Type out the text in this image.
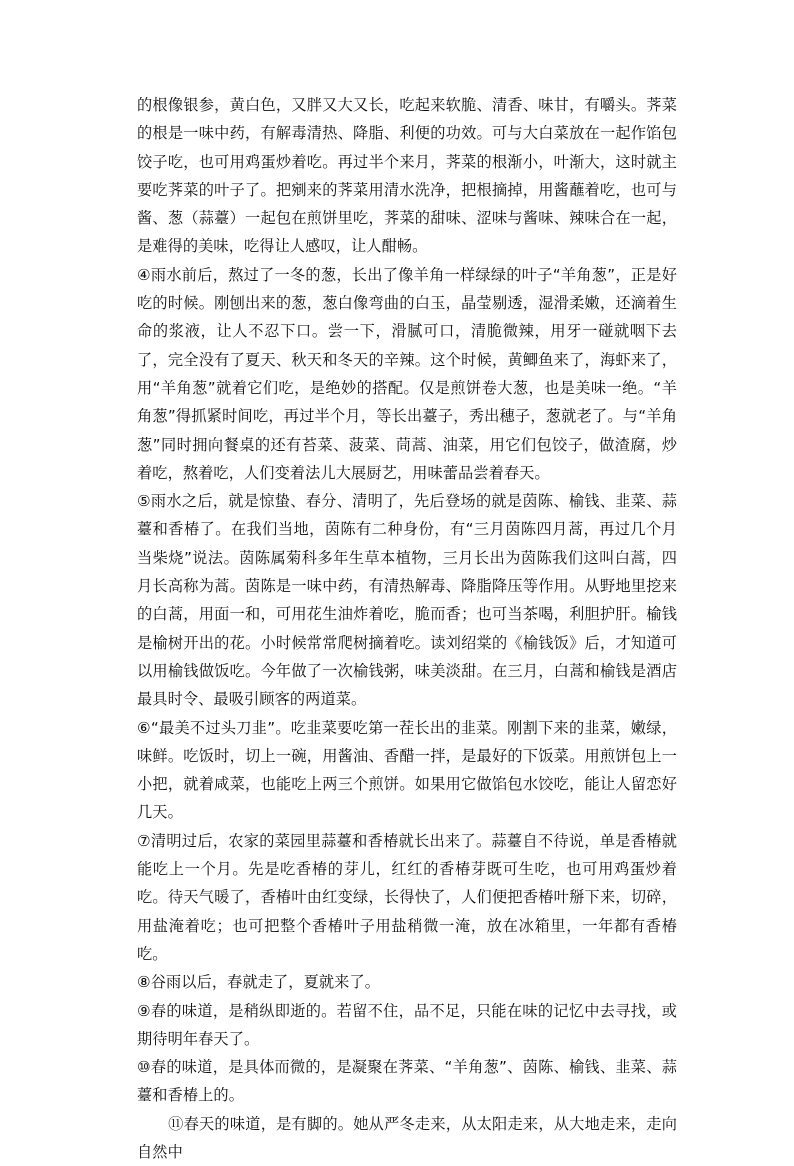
的根像银参，黄白色，又胖又大又长，吃起来软脆、清香、味甘，有嚼头。荠菜的根是一味中药，有解毒清热、降脂、利便的功效。可与大白菜放在一起作馅包饺子吃，也可用鸡蛋炒着吃。再过半个来月，荠菜的根渐小，叶渐大，这时就主要吃荠菜的叶子了。把剜来的荠菜用清水洗净，把根摘掉，用酱蘸着吃，也可与酱、葱（蒜薹）一起包在煎饼里吃，荠菜的甜味、涩味与酱味、辣味合在一起，是难得的美味，吃得让人感叹，让人酣畅。

④雨水前后，熬过了一冬的葱，长出了像羊角一样绿绿的叶子“羊角葱”，正是好吃的时候。刚刨出来的葱，葱白像弯曲的白玉，晶莹剔透，湿滑柔嫩，还滴着生命的浆液，让人不忍下口。尝一下，滑腻可口，清脆微辣，用牙一碰就咽下去了，完全没有了夏天、秋天和冬天的辛辣。这个时候，黄鲫鱼来了，海虾来了，用“羊角葱”就着它们吃，是绝妙的搭配。仅是煎饼卷大葱，也是美味一绝。“羊角葱”得抓紧时间吃，再过半个月，等长出薹子，秀出穗子，葱就老了。与“羊角葱”同时拥向餐桌的还有苔菜、菠菜、茼蒿、油菜，用它们包饺子，做渣腐，炒着吃，熬着吃，人们变着法儿大展厨艺，用味蕾品尝着春天。

⑤雨水之后，就是惊蛰、春分、清明了，先后登场的就是茵陈、榆钱、韭菜、蒜薹和香椿了。在我们当地，茵陈有二种身份，有“三月茵陈四月蒿，再过几个月当柴烧”说法。茵陈属菊科多年生草本植物，三月长出为茵陈我们这叫白蒿，四月长高称为蒿。茵陈是一味中药，有清热解毒、降脂降压等作用。从野地里挖来的白蒿，用面一和，可用花生油炸着吃，脆而香；也可当茶喝，利胆护肝。榆钱是榆树开出的花。小时候常常爬树摘着吃。读刘绍棠的《榆钱饭》后，才知道可以用榆钱做饭吃。今年做了一次榆钱粥，味美淡甜。在三月，白蒿和榆钱是酒店最具时令、最吸引顾客的两道菜。

⑥“最美不过头刀韭”。吃韭菜要吃第一茬长出的韭菜。刚割下来的韭菜，嫩绿，味鲜。吃饭时，切上一碗，用酱油、香醋一拌，是最好的下饭菜。用煎饼包上一小把，就着咸菜，也能吃上两三个煎饼。如果用它做馅包水饺吃，能让人留恋好几天。

⑦清明过后，农家的菜园里蒜薹和香椿就长出来了。蒜薹自不待说，单是香椿就能吃上一个月。先是吃香椿的芽儿，红红的香椿芽既可生吃，也可用鸡蛋炒着吃。待天气暖了，香椿叶由红变绿，长得快了，人们便把香椿叶掰下来，切碎，用盐淹着吃；也可把整个香椿叶子用盐稍微一淹，放在冰箱里，一年都有香椿吃。

⑧谷雨以后，春就走了，夏就来了。

⑨春的味道，是稍纵即逝的。若留不住，品不足，只能在味的记忆中去寻找，或期待明年春天了。

⑩春的味道，是具体而微的，是凝聚在荠菜、“羊角葱”、茵陈、榆钱、韭菜、蒜薹和香椿上的。

⑪春天的味道，是有脚的。她从严冬走来，从太阳走来，从大地走来，走向自然中
